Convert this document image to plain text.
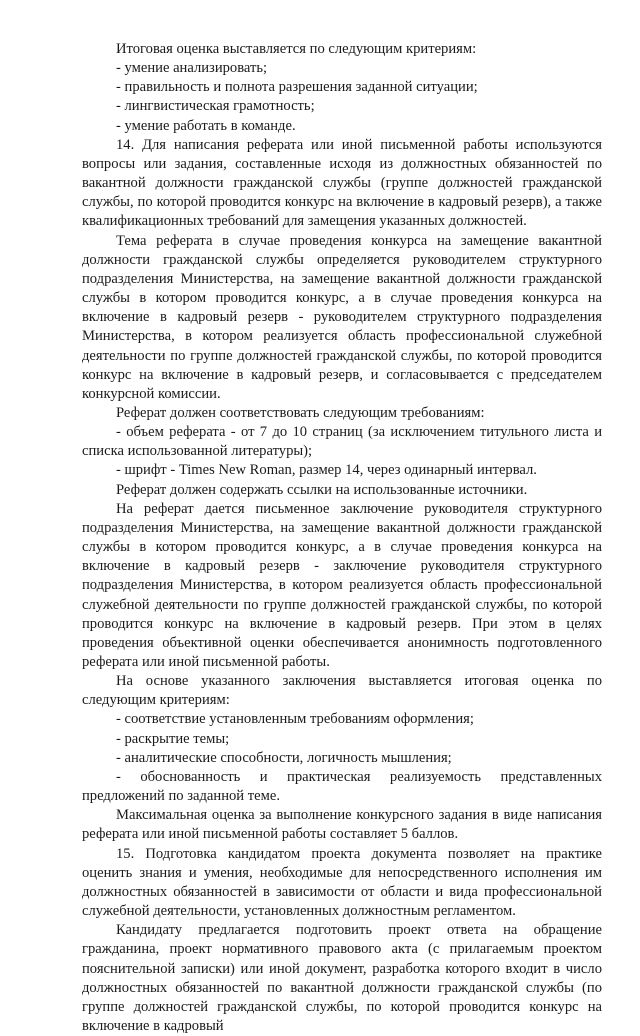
Итоговая оценка выставляется по следующим критериям:

- умение анализировать;

- правильность и полнота разрешения заданной ситуации;

- лингвистическая грамотность;

- умение работать в команде.

14. Для написания реферата или иной письменной работы используются вопросы или задания, составленные исходя из должностных обязанностей по вакантной должности гражданской службы (группе должностей гражданской службы, по которой проводится конкурс на включение в кадровый резерв), а также квалификационных требований для замещения указанных должностей.

Тема реферата в случае проведения конкурса на замещение вакантной должности гражданской службы определяется руководителем структурного подразделения Министерства, на замещение вакантной должности гражданской службы в котором проводится конкурс, а в случае проведения конкурса на включение в кадровый резерв - руководителем структурного подразделения Министерства, в котором реализуется область профессиональной служебной деятельности по группе должностей гражданской службы, по которой проводится конкурс на включение в кадровый резерв, и согласовывается с председателем конкурсной комиссии.

Реферат должен соответствовать следующим требованиям:

- объем реферата - от 7 до 10 страниц (за исключением титульного листа и списка использованной литературы);

- шрифт - Times New Roman, размер 14, через одинарный интервал.

Реферат должен содержать ссылки на использованные источники.

На реферат дается письменное заключение руководителя структурного подразделения Министерства, на замещение вакантной должности гражданской службы в котором проводится конкурс, а в случае проведения конкурса на включение в кадровый резерв - заключение руководителя структурного подразделения Министерства, в котором реализуется область профессиональной служебной деятельности по группе должностей гражданской службы, по которой проводится конкурс на включение в кадровый резерв. При этом в целях проведения объективной оценки обеспечивается анонимность подготовленного реферата или иной письменной работы.

На основе указанного заключения выставляется итоговая оценка по следующим критериям:

- соответствие установленным требованиям оформления;

- раскрытие темы;

- аналитические способности, логичность мышления;

- обоснованность и практическая реализуемость представленных предложений по заданной теме.

Максимальная оценка за выполнение конкурсного задания в виде написания реферата или иной письменной работы составляет 5 баллов.

15. Подготовка кандидатом проекта документа позволяет на практике оценить знания и умения, необходимые для непосредственного исполнения им должностных обязанностей в зависимости от области и вида профессиональной служебной деятельности, установленных должностным регламентом.

Кандидату предлагается подготовить проект ответа на обращение гражданина, проект нормативного правового акта (с прилагаемым проектом пояснительной записки) или иной документ, разработка которого входит в число должностных обязанностей по вакантной должности гражданской службы (по группе должностей гражданской службы, по которой проводится конкурс на включение в кадровый
